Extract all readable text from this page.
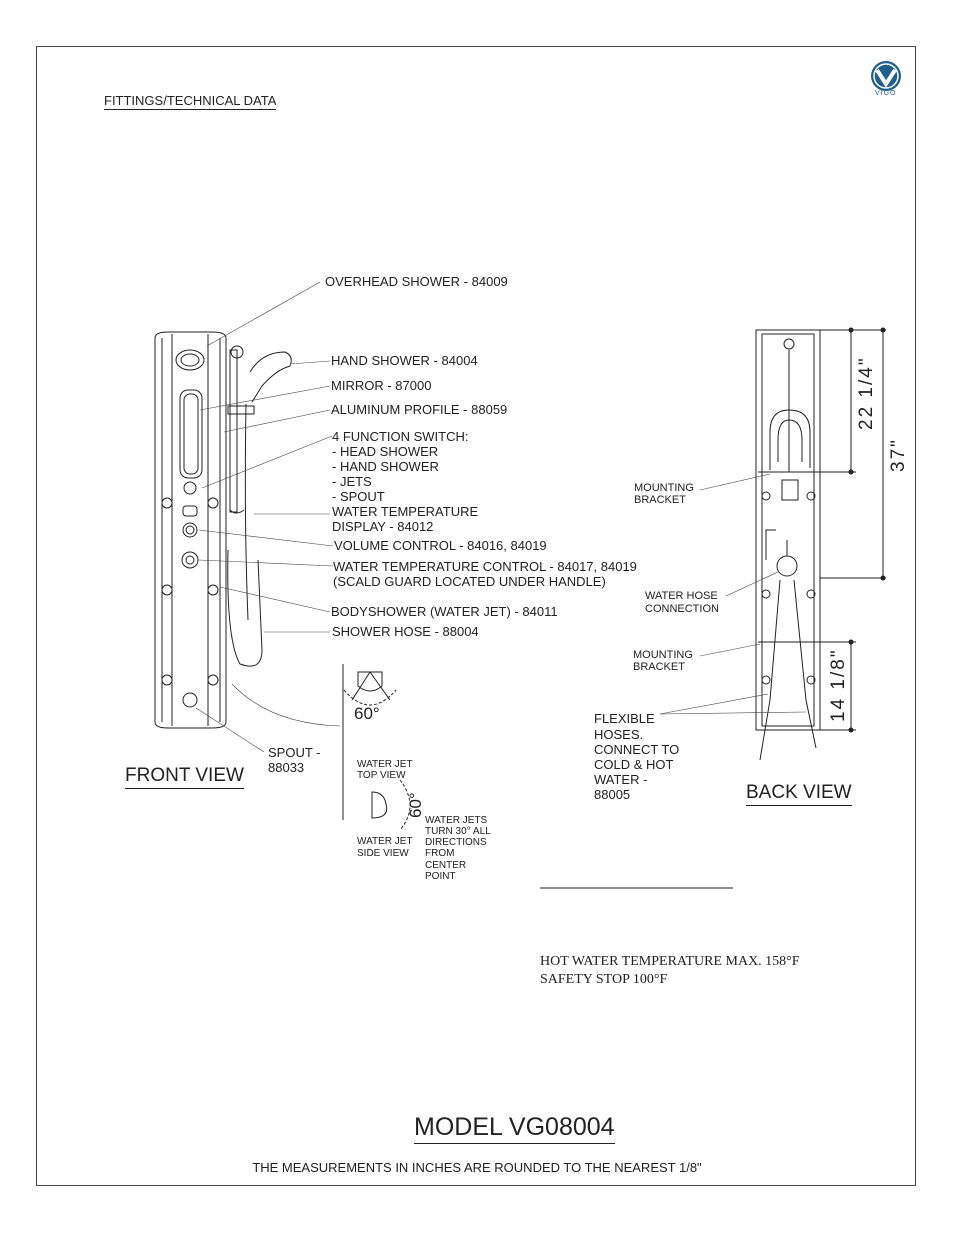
FITTINGS/TECHNICAL DATA	VIGO
OVERHEAD SHOWER - 84009
HAND SHOWER - 84004
MIRROR - 87000
ALUMINUM PROFILE - 88059
4 FUNCTION SWITCH:
- HEAD SHOWER
- HAND SHOWER
- JETS
- SPOUT
WATER TEMPERATURE
DISPLAY - 84012
VOLUME CONTROL - 84016, 84019
WATER TEMPERATURE CONTROL - 84017, 84019
(SCALD GUARD LOCATED UNDER HANDLE)
BODYSHOWER (WATER JET) - 84011
SHOWER HOSE - 88004
SPOUT -
88033
FRONT VIEW
BACK VIEW
60°
60°
WATER JET
TOP VIEW
WATER JET
SIDE VIEW
WATER JETS
TURN 30° ALL
DIRECTIONS
FROM
CENTER
POINT
MOUNTING
BRACKET
WATER HOSE
CONNECTION
MOUNTING
BRACKET
FLEXIBLE
HOSES.
CONNECT TO
COLD & HOT
WATER -
88005
22 1/4"
37"
14 1/8"
HOT WATER TEMPERATURE MAX. 158°F
SAFETY STOP 100°F
MODEL VG08004
THE MEASUREMENTS IN INCHES ARE ROUNDED TO THE NEAREST 1/8"
